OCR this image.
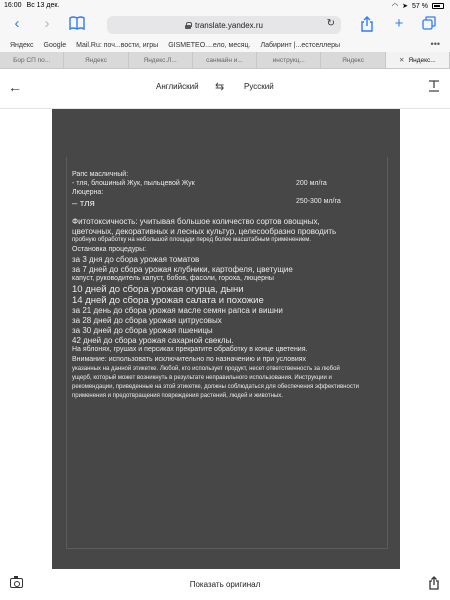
16:00 Вс 13 дек.	◠ ➤ 57 %
‹	›	translate.yandex.ru	↻	+
Яндекс Google Mail.Ru: поч...вости, игры GISMETEO....ело, месяц. Лабиринт |...естселлеры	•••
Бор СП по...	Яндекс	Яндекс.Л...	санмайн и...	инструкц...	Яндекс	✕ Яндекс...
←	Английский ⇆ Русский
Рапс масличный:
- тля, блошиный Жук, пыльцевой Жук	200 мл/га
Люцерна:
– тля	250-300 мл/га
Фитотоксичность: учитывая большое количество сортов овощных,
цветочных, декоративных и лесных культур, целесообразно проводить
пробную обработку на небольшой площади перед более масштабным применением.
Остановка процедуры:
за 3 дня до сбора урожая томатов
за 7 дней до сбора урожая клубники, картофеля, цветущие
капуст, руководитель капуст, бобов, фасоли, гороха, люцерны
10 дней до сбора урожая огурца, дыни
14 дней до сбора урожая салата и похожие
за 21 день до сбора урожая масле семян рапса и вишни
за 28 дней до сбора урожая цитрусовых
за 30 дней до сбора урожая пшеницы
42 дней до сбора урожая сахарной свеклы.
На яблонях, грушах и персиках прекратите обработку в конце цветения.
Внимание: использовать исключительно по назначению и при условиях
указанных на данной этикетке. Любой, кто использует продукт, несет ответственность за любой
ущерб, который может возникнуть в результате неправильного использования. Инструкции и
рекомендации, приведенные на этой этикетке, должны соблюдаться для обеспечения эффективности
применения и предотвращения повреждения растений, людей и животных.
Показать оригинал
